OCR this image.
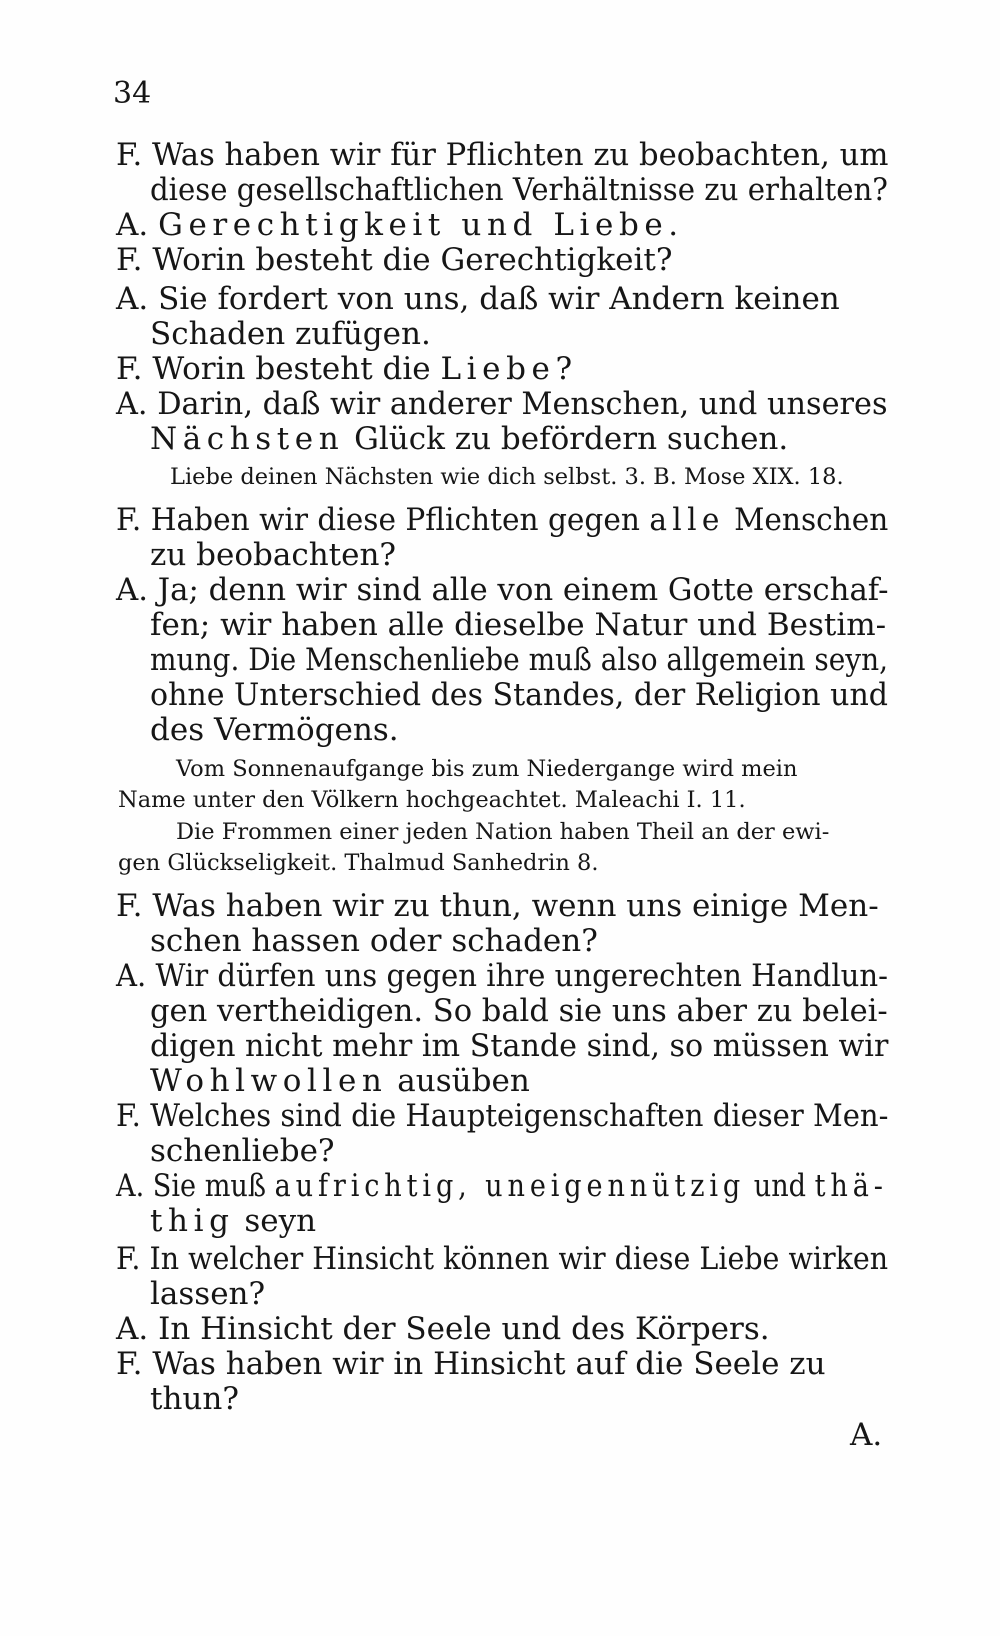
34
F. Was haben wir für Pflichten zu beobachten, um
diese gesellschaftlichen Verhältnisse zu erhalten?
A. Gerechtigkeit und Liebe.
F. Worin besteht die Gerechtigkeit?
A. Sie fordert von uns, daß wir Andern keinen
Schaden zufügen.
F. Worin besteht die Liebe?
A. Darin, daß wir anderer Menschen, und unseres
Nächsten Glück zu befördern suchen.
Liebe deinen Nächsten wie dich selbst. 3. B. Mose XIX. 18.
F. Haben wir diese Pflichten gegen alle Menschen
zu beobachten?
A. Ja; denn wir sind alle von einem Gotte erschaf-
fen; wir haben alle dieselbe Natur und Bestim-
mung. Die Menschenliebe muß also allgemein seyn,
ohne Unterschied des Standes, der Religion und
des Vermögens.
Vom Sonnenaufgange bis zum Niedergange wird mein
Name unter den Völkern hochgeachtet. Maleachi I. 11.
Die Frommen einer jeden Nation haben Theil an der ewi-
gen Glückseligkeit. Thalmud Sanhedrin 8.
F. Was haben wir zu thun, wenn uns einige Men-
schen hassen oder schaden?
A. Wir dürfen uns gegen ihre ungerechten Handlun-
gen vertheidigen. So bald sie uns aber zu belei-
digen nicht mehr im Stande sind, so müssen wir
Wohlwollen ausüben
F. Welches sind die Haupteigenschaften dieser Men-
schenliebe?
A. Sie muß aufrichtig, uneigennützig und thä-
thig seyn
F. In welcher Hinsicht können wir diese Liebe wirken
lassen?
A. In Hinsicht der Seele und des Körpers.
F. Was haben wir in Hinsicht auf die Seele zu
thun?
A.
